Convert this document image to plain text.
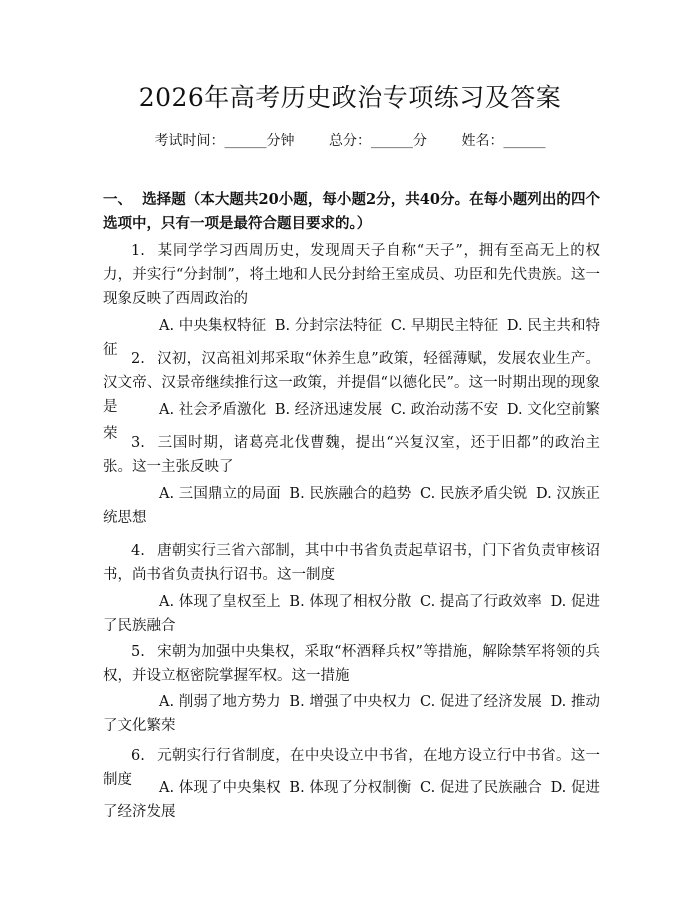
2026年高考历史政治专项练习及答案
考试时间：______分钟 总分：______分 姓名：______
一、 选择题（本大题共20小题，每小题2分，共40分。在每小题列出的四个选项中，只有一项是最符合题目要求的。）
1. 某同学学习西周历史，发现周天子自称“天子”，拥有至高无上的权力，并实行“分封制”，将土地和人民分封给王室成员、功臣和先代贵族。这一现象反映了西周政治的
A. 中央集权特征 B. 分封宗法特征 C. 早期民主特征 D. 民主共和特征
2. 汉初，汉高祖刘邦采取“休养生息”政策，轻徭薄赋，发展农业生产。汉文帝、汉景帝继续推行这一政策，并提倡“以德化民”。这一时期出现的现象是	A. 社会矛盾激化 B. 经济迅速发展 C. 政治动荡不安 D. 文化空前繁荣
3. 三国时期，诸葛亮北伐曹魏，提出“兴复汉室，还于旧都”的政治主张。这一主张反映了
A. 三国鼎立的局面 B. 民族融合的趋势 C. 民族矛盾尖锐 D. 汉族正统思想
4. 唐朝实行三省六部制，其中中书省负责起草诏书，门下省负责审核诏书，尚书省负责执行诏书。这一制度
A. 体现了皇权至上 B. 体现了相权分散 C. 提高了行政效率 D. 促进了民族融合
5. 宋朝为加强中央集权，采取“杯酒释兵权”等措施，解除禁军将领的兵权，并设立枢密院掌握军权。这一措施
A. 削弱了地方势力 B. 增强了中央权力 C. 促进了经济发展 D. 推动了文化繁荣
6. 元朝实行行省制度，在中央设立中书省，在地方设立行中书省。这一制度	A. 体现了中央集权 B. 体现了分权制衡 C. 促进了民族融合 D. 促进了经济发展
